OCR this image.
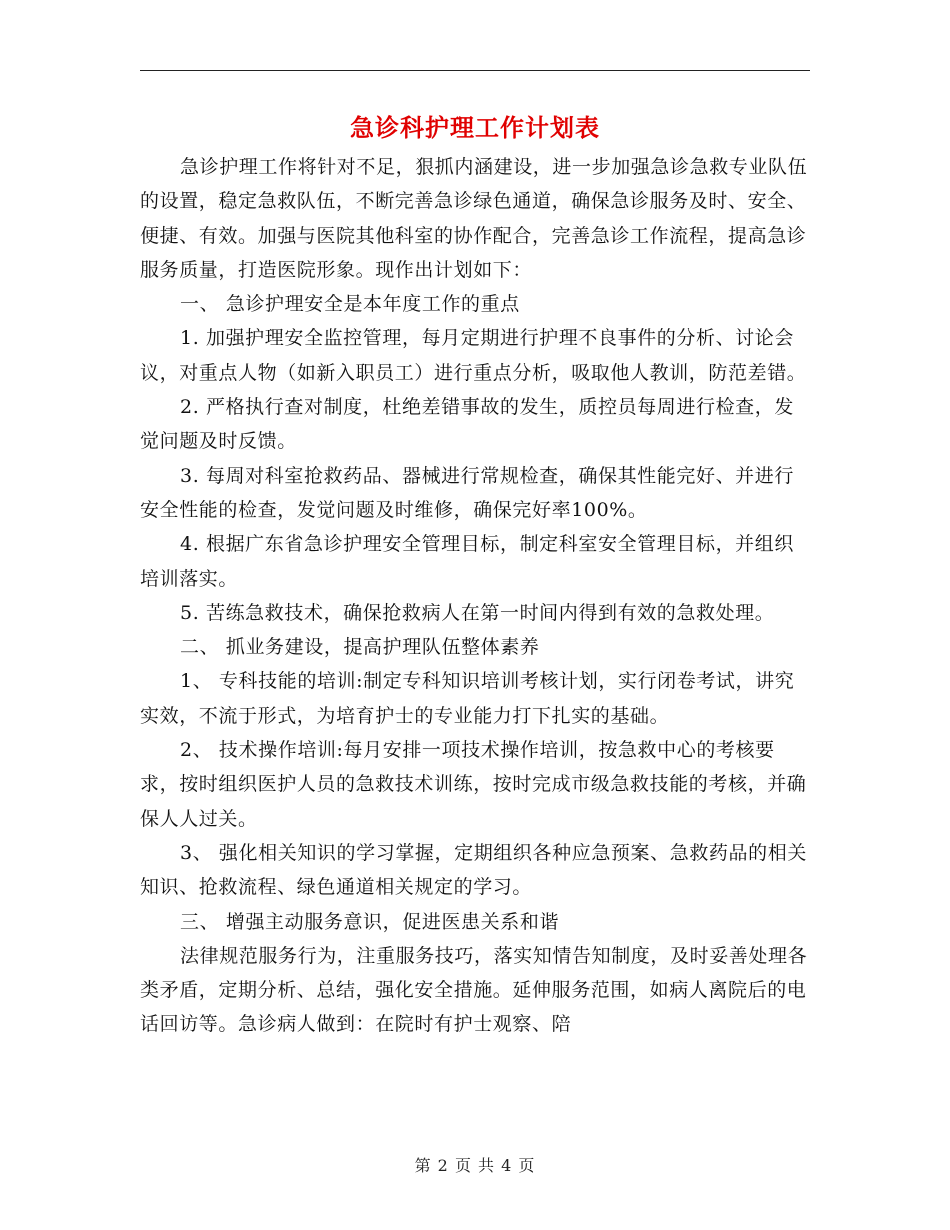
急诊科护理工作计划表

急诊护理工作将针对不足，狠抓内涵建设，进一步加强急诊急救专业队伍的设置，稳定急救队伍，不断完善急诊绿色通道，确保急诊服务及时、安全、便捷、有效。加强与医院其他科室的协作配合，完善急诊工作流程，提高急诊服务质量，打造医院形象。现作出计划如下：

一、 急诊护理安全是本年度工作的重点

1. 加强护理安全监控管理，每月定期进行护理不良事件的分析、讨论会议，对重点人物（如新入职员工）进行重点分析，吸取他人教训，防范差错。

2. 严格执行查对制度，杜绝差错事故的发生，质控员每周进行检查，发觉问题及时反馈。

3. 每周对科室抢救药品、器械进行常规检查，确保其性能完好、并进行安全性能的检查，发觉问题及时维修，确保完好率100%。

4. 根据广东省急诊护理安全管理目标，制定科室安全管理目标，并组织培训落实。

5. 苦练急救技术，确保抢救病人在第一时间内得到有效的急救处理。

二、 抓业务建设，提高护理队伍整体素养

1、 专科技能的培训:制定专科知识培训考核计划，实行闭卷考试，讲究实效，不流于形式，为培育护士的专业能力打下扎实的基础。

2、 技术操作培训:每月安排一项技术操作培训，按急救中心的考核要求，按时组织医护人员的急救技术训练，按时完成市级急救技能的考核，并确保人人过关。

3、 强化相关知识的学习掌握，定期组织各种应急预案、急救药品的相关知识、抢救流程、绿色通道相关规定的学习。

三、 增强主动服务意识，促进医患关系和谐

法律规范服务行为，注重服务技巧，落实知情告知制度，及时妥善处理各类矛盾，定期分析、总结，强化安全措施。延伸服务范围，如病人离院后的电话回访等。急诊病人做到：在院时有护士观察、陪

第 2 页 共 4 页
